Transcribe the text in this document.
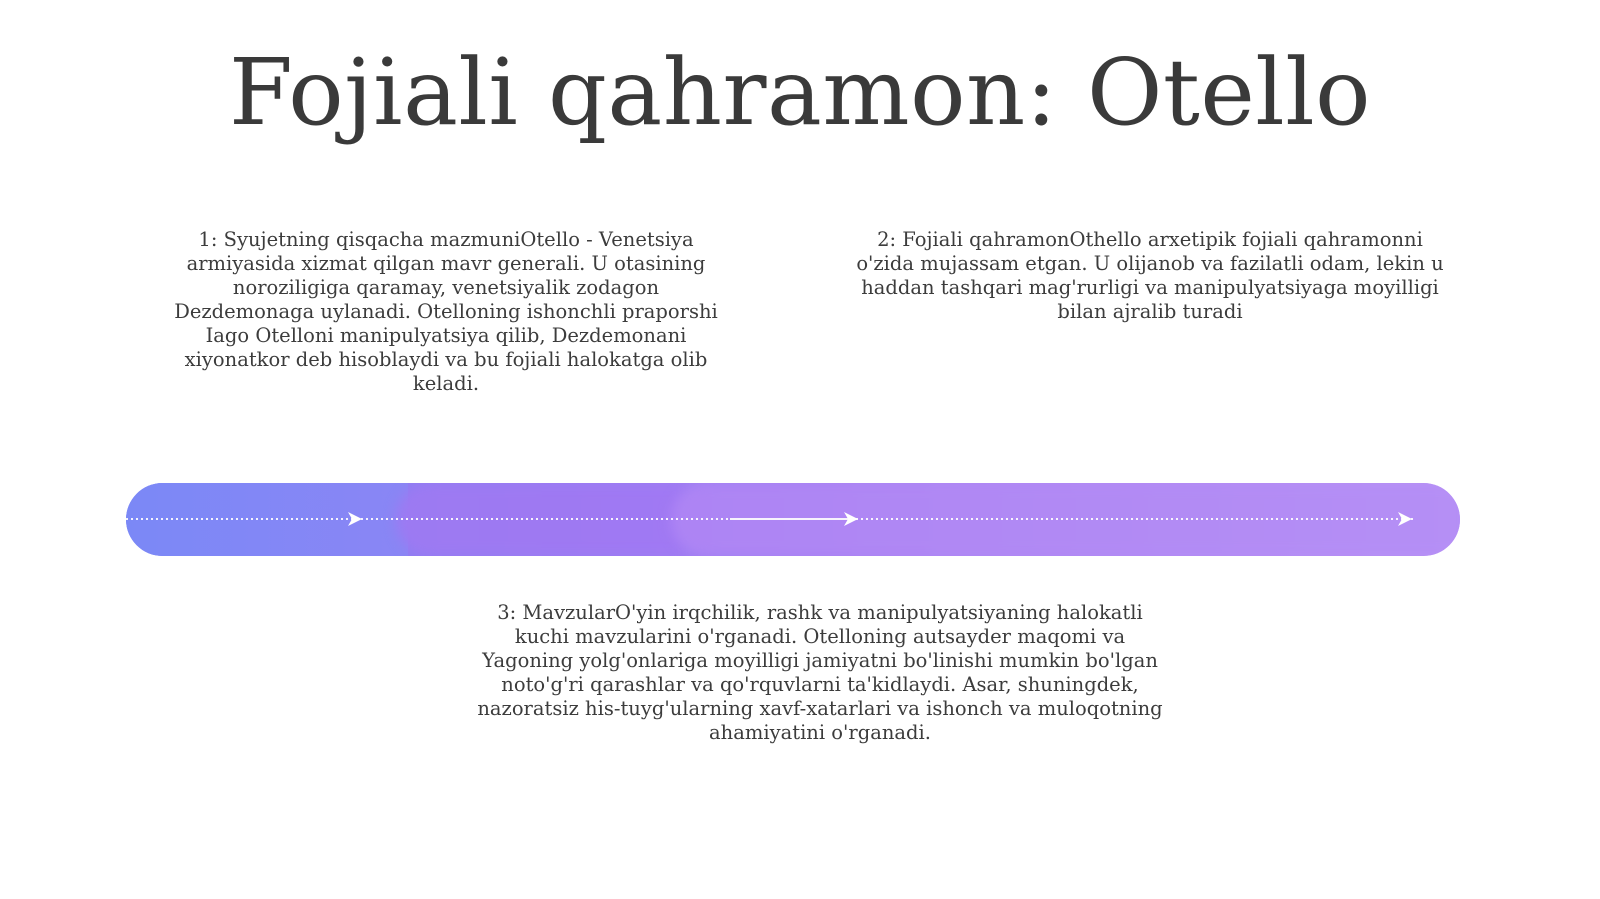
Fojiali qahramon: Otello
1: Syujetning qisqacha mazmuniOtello - Venetsiya armiyasida xizmat qilgan mavr generali. U otasining noroziligiga qaramay, venetsiyalik zodagon Dezdemonaga uylanadi. Otelloning ishonchli praporshi Iago Otelloni manipulyatsiya qilib, Dezdemonani xiyonatkor deb hisoblaydi va bu fojiali halokatga olib keladi.
2: Fojiali qahramonOthello arxetipik fojiali qahramonni o'zida mujassam etgan. U olijanob va fazilatli odam, lekin u haddan tashqari mag'rurligi va manipulyatsiyaga moyilligi bilan ajralib turadi
3: MavzularO'yin irqchilik, rashk va manipulyatsiyaning halokatli kuchi mavzularini o'rganadi. Otelloning autsayder maqomi va Yagoning yolg'onlariga moyilligi jamiyatni bo'linishi mumkin bo'lgan noto'g'ri qarashlar va qo'rquvlarni ta'kidlaydi. Asar, shuningdek, nazoratsiz his-tuyg'ularning xavf-xatarlari va ishonch va muloqotning ahamiyatini o'rganadi.
